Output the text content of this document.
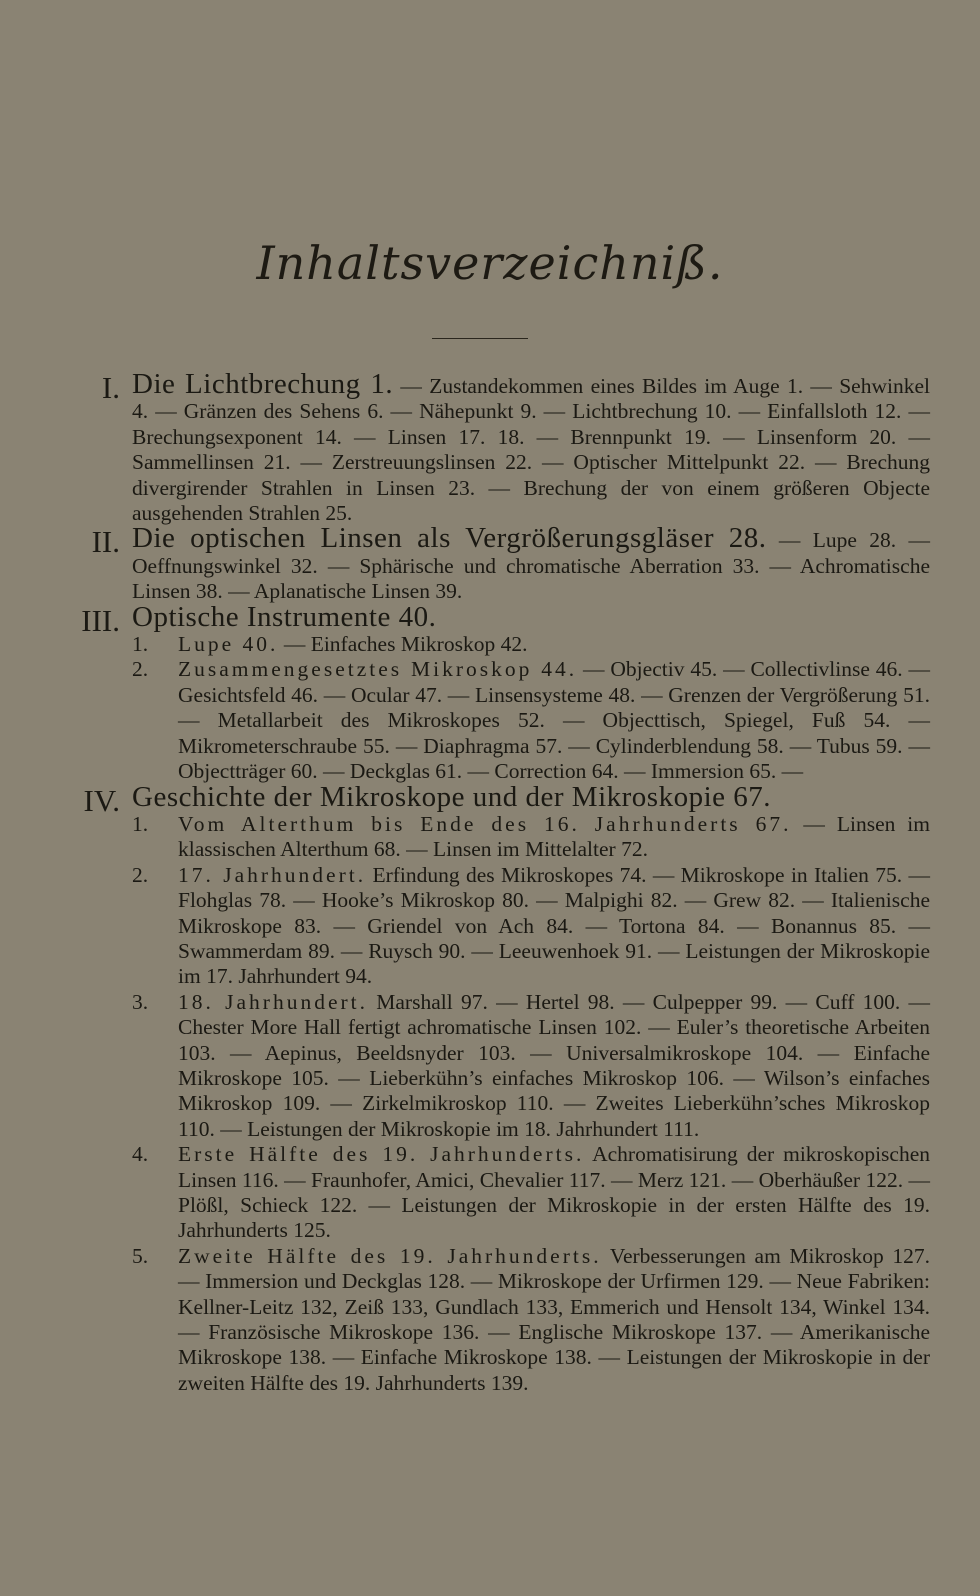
Inhaltsverzeichniß.
I. Die Lichtbrechung 1. — Zustandekommen eines Bildes im Auge 1. — Sehwinkel 4. — Gränzen des Sehens 6. — Nähepunkt 9. — Lichtbrechung 10. — Einfallsloth 12. — Brechungsexponent 14. — Linsen 17. 18. — Brennpunkt 19. — Linsenform 20. — Sammellinsen 21. — Zerstreuungslinsen 22. — Optischer Mittelpunkt 22. — Brechung divergirender Strahlen in Linsen 23. — Brechung der von einem größeren Objecte ausgehenden Strahlen 25.
II. Die optischen Linsen als Vergrößerungsgläser 28. — Lupe 28. — Oeffnungswinkel 32. — Sphärische und chromatische Aberration 33. — Achromatische Linsen 38. — Aplanatische Linsen 39.
III. Optische Instrumente 40.
1.	Lupe 40. — Einfaches Mikroskop 42.
2.	Zusammengesetztes Mikroskop 44. — Objectiv 45. — Collectivlinse 46. — Gesichtsfeld 46. — Ocular 47. — Linsensysteme 48. — Grenzen der Vergrößerung 51. — Metallarbeit des Mikroskopes 52. — Objecttisch, Spiegel, Fuß 54. — Mikrometerschraube 55. — Diaphragma 57. — Cylinderblendung 58. — Tubus 59. — Objectträger 60. — Deckglas 61. — Correction 64. — Immersion 65. —
IV. Geschichte der Mikroskope und der Mikroskopie 67.
1.	Vom Alterthum bis Ende des 16. Jahrhunderts 67. — Linsen im klassischen Alterthum 68. — Linsen im Mittelalter 72.
2.	17. Jahrhundert. Erfindung des Mikroskopes 74. — Mikroskope in Italien 75. — Flohglas 78. — Hooke’s Mikroskop 80. — Malpighi 82. — Grew 82. — Italienische Mikroskope 83. — Griendel von Ach 84. — Tortona 84. — Bonannus 85. — Swammerdam 89. — Ruysch 90. — Leeuwenhoek 91. — Leistungen der Mikroskopie im 17. Jahrhundert 94.
3.	18. Jahrhundert. Marshall 97. — Hertel 98. — Culpepper 99. — Cuff 100. — Chester More Hall fertigt achromatische Linsen 102. — Euler’s theoretische Arbeiten 103. — Aepinus, Beeldsnyder 103. — Universalmikroskope 104. — Einfache Mikroskope 105. — Lieberkühn’s einfaches Mikroskop 106. — Wilson’s einfaches Mikroskop 109. — Zirkelmikroskop 110. — Zweites Lieberkühn’sches Mikroskop 110. — Leistungen der Mikroskopie im 18. Jahrhundert 111.
4.	Erste Hälfte des 19. Jahrhunderts. Achromatisirung der mikroskopischen Linsen 116. — Fraunhofer, Amici, Chevalier 117. — Merz 121. — Oberhäußer 122. — Plößl, Schieck 122. — Leistungen der Mikroskopie in der ersten Hälfte des 19. Jahrhunderts 125.
5.	Zweite Hälfte des 19. Jahrhunderts. Verbesserungen am Mikroskop 127. — Immersion und Deckglas 128. — Mikroskope der Urfirmen 129. — Neue Fabriken: Kellner-Leitz 132, Zeiß 133, Gundlach 133, Emmerich und Hensolt 134, Winkel 134. — Französische Mikroskope 136. — Englische Mikroskope 137. — Amerikanische Mikroskope 138. — Einfache Mikroskope 138. — Leistungen der Mikroskopie in der zweiten Hälfte des 19. Jahrhunderts 139.
